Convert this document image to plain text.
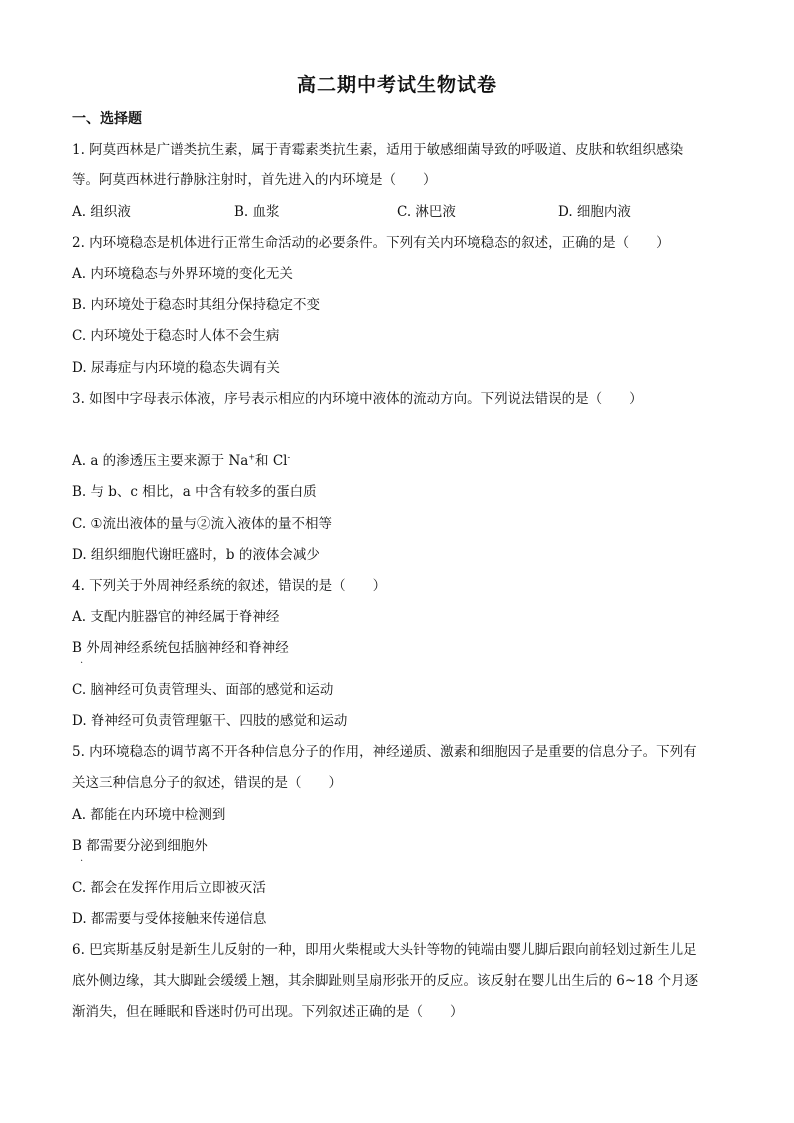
高二期中考试生物试卷
一、选择题
1. 阿莫西林是广谱类抗生素，属于青霉素类抗生素，适用于敏感细菌导致的呼吸道、皮肤和软组织感染
等。阿莫西林进行静脉注射时，首先进入的内环境是（　　）
A. 组织液	B. 血浆	C. 淋巴液	D. 细胞内液
2. 内环境稳态是机体进行正常生命活动的必要条件。下列有关内环境稳态的叙述，正确的是（　　）
A. 内环境稳态与外界环境的变化无关
B. 内环境处于稳态时其组分保持稳定不变
C. 内环境处于稳态时人体不会生病
D. 尿毒症与内环境的稳态失调有关
3. 如图中字母表示体液，序号表示相应的内环境中液体的流动方向。下列说法错误的是（　　）
A. a 的渗透压主要来源于 Na+和 Cl-
B. 与 b、c 相比，a 中含有较多的蛋白质
C. ①流出液体的量与②流入液体的量不相等
D. 组织细胞代谢旺盛时，b 的液体会减少
4. 下列关于外周神经系统的叙述，错误的是（　　）
A. 支配内脏器官的神经属于脊神经
B 外周神经系统包括脑神经和脊神经
.
C. 脑神经可负责管理头、面部的感觉和运动
D. 脊神经可负责管理躯干、四肢的感觉和运动
5. 内环境稳态的调节离不开各种信息分子的作用，神经递质、激素和细胞因子是重要的信息分子。下列有
关这三种信息分子的叙述，错误的是（　　）
A. 都能在内环境中检测到
B 都需要分泌到细胞外
.
C. 都会在发挥作用后立即被灭活
D. 都需要与受体接触来传递信息
6. 巴宾斯基反射是新生儿反射的一种，即用火柴棍或大头针等物的钝端由婴儿脚后跟向前轻划过新生儿足
底外侧边缘，其大脚趾会缓缓上翘，其余脚趾则呈扇形张开的反应。该反射在婴儿出生后的 6~18 个月逐
渐消失，但在睡眠和昏迷时仍可出现。下列叙述正确的是（　　）
